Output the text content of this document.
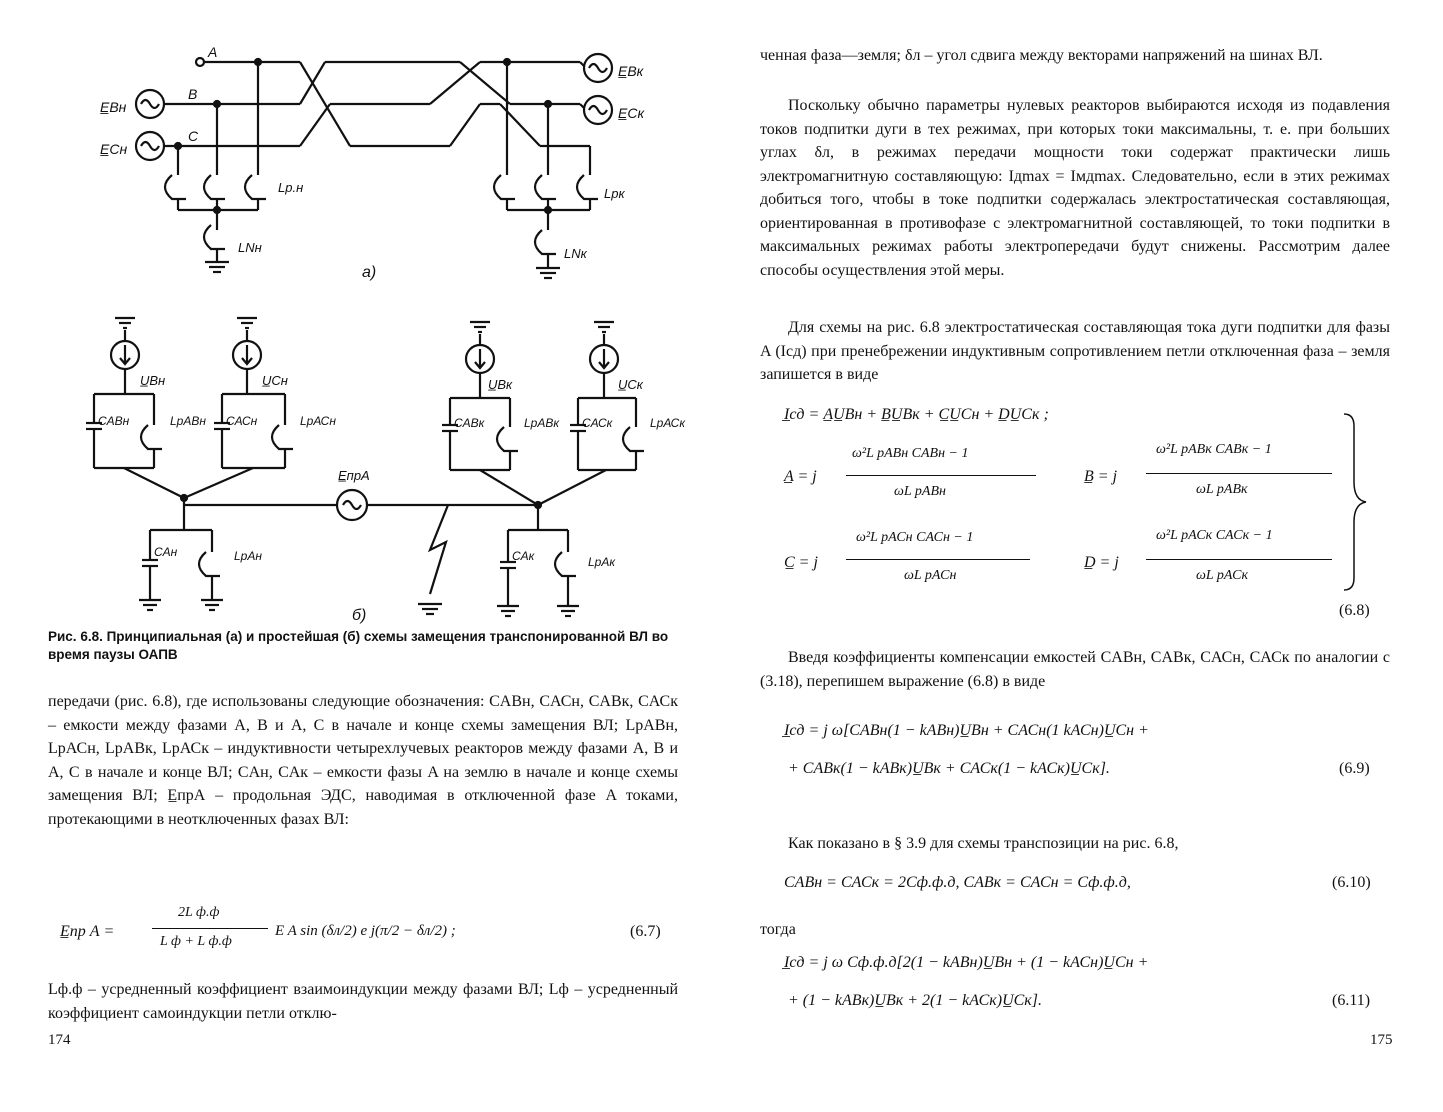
A
B
C
E̲Вн
E̲Сн
E̲Вк
E̲Ск
Lр.н
LNн
Lрк
LNк
а)
U̲Вн	U̲Сн	U̲Вк	U̲Ск
CАВн	LрАВн CАСн	LрАСн	CАВк	LрАВк CАСк	LрАСк
E̲прА
CАн	LрАн	CАк	LрАк
б)
Рис. 6.8. Принципиальная (а) и простейшая (б) схемы замещения транспонированной ВЛ во время паузы ОАПВ
передачи (рис. 6.8), где использованы следующие обозначения: CАВн, CАСн, CАВк, CАСк – емкости между фазами A, B и A, C в начале и конце схемы замещения ВЛ; LрАВн, LрАСн, LрАВк, LрАСк – индуктивности четырехлучевых реакторов между фазами A, B и A, C в начале и конце ВЛ; CАн, CАк – емкости фазы A на землю в начале и конце схемы замещения ВЛ; E̲прА – продольная ЭДС, наводимая в отключенной фазе A токами, протекающими в неотключенных фазах ВЛ:
E̲пр А =
2L ф.ф
L ф + L ф.ф
E A sin (δл/2) e j(π/2 − δл/2) ;	(6.7)
Lф.ф – усредненный коэффициент взаимоиндукции между фазами ВЛ; Lф – усредненный коэффициент самоиндукции петли отклю-
174
ченная фаза—земля; δл – угол сдвига между векторами напряжений на шинах ВЛ.
Поскольку обычно параметры нулевых реакторов выбираются исходя из подавления токов подпитки дуги в тех режимах, при которых токи максимальны, т. е. при больших углах δл, в режимах передачи мощности токи содержат практически лишь электромагнитную составляющую: Iдmax = Iмдmax. Следовательно, если в этих режимах добиться того, чтобы в токе подпитки содержалась электростатическая составляющая, ориентированная в противофазе с электромагнитной составляющей, то токи подпитки в максимальных режимах работы электропередачи будут снижены. Рассмотрим далее способы осуществления этой меры.
Для схемы на рис. 6.8 электростатическая составляющая тока дуги подпитки для фазы A (Iсд) при пренебрежении индуктивным сопротивлением петли отключенная фаза – земля запишется в виде
I̲сд = A̲U̲Вн + B̲U̲Вк + C̲U̲Сн + D̲U̲Ск ;
A̲ = j
ω²L рАВн CАВн − 1
ωL рАВн
B̲ = j
ω²L рАВк CАВк − 1
ωL рАВк
C̲ = j
ω²L рАСн CАСн − 1
ωL рАСн
D̲ = j
ω²L рАСк CАСк − 1
ωL рАСк
(6.8)
Введя коэффициенты компенсации емкостей CАВн, CАВк, CАСн, CАСк по аналогии с (3.18), перепишем выражение (6.8) в виде
I̲сд = j ω[CАВн(1 − kАВн)U̲Вн + CАСн(1 kАСн)U̲Сн +
+ CАВк(1 − kАВк)U̲Вк + CАСк(1 − kАСк)U̲Ск].	(6.9)
Как показано в § 3.9 для схемы транспозиции на рис. 6.8,
CАВн = CАСк = 2Cф.ф.д, CАВк = CАСн = Cф.ф.д,	(6.10)
тогда
I̲сд = j ω Cф.ф.д[2(1 − kАВн)U̲Вн + (1 − kАСн)U̲Сн +
+ (1 − kАВк)U̲Вк + 2(1 − kАСк)U̲Ск].	(6.11)
175
